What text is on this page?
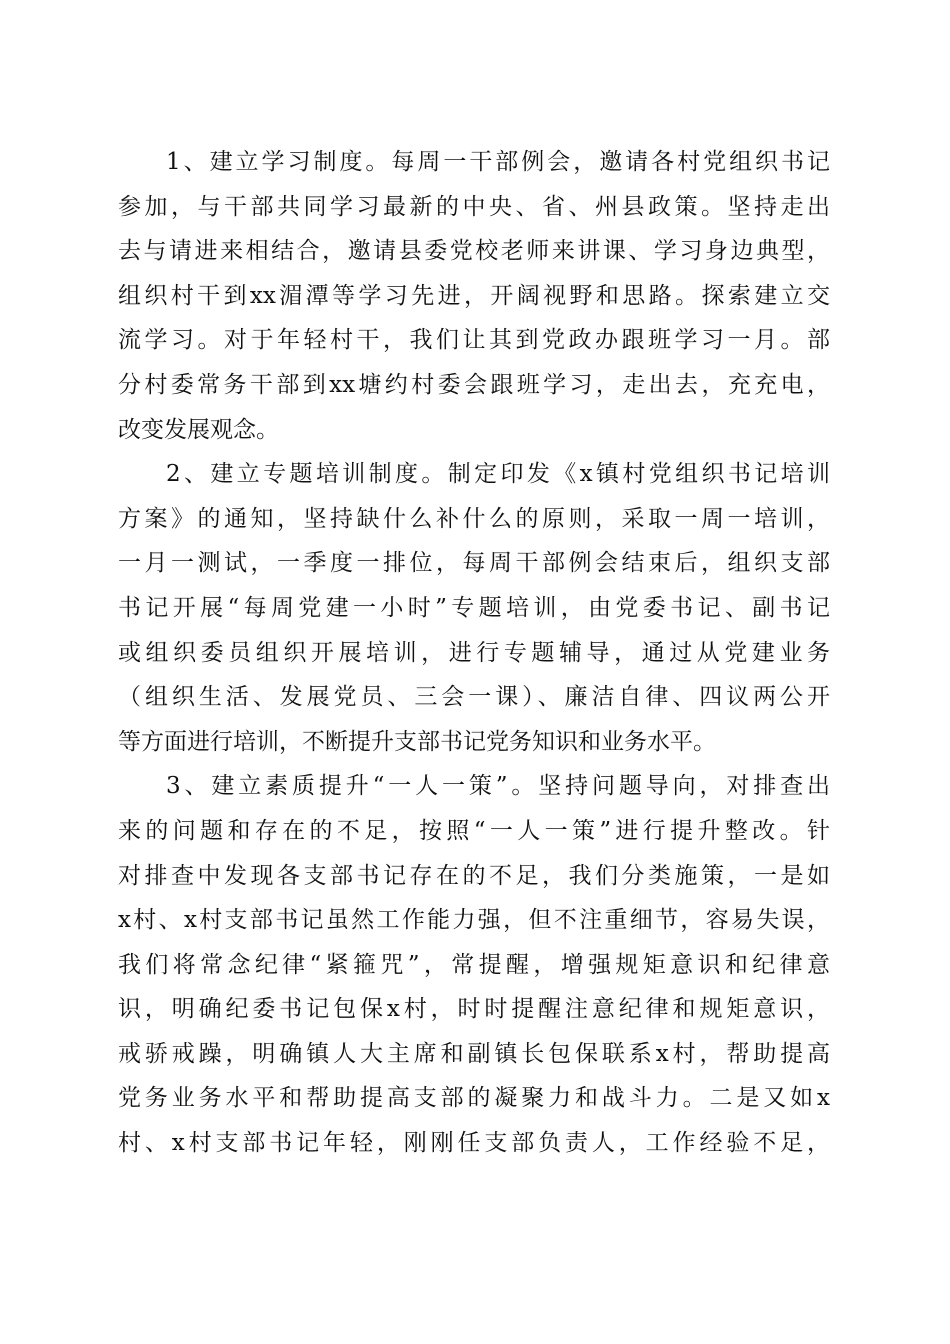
1、建立学习制度。每周一干部例会，邀请各村党组织书记
参加，与干部共同学习最新的中央、省、州县政策。坚持走出
去与请进来相结合，邀请县委党校老师来讲课、学习身边典型，
组织村干到xx湄潭等学习先进，开阔视野和思路。探索建立交
流学习。对于年轻村干，我们让其到党政办跟班学习一月。部
分村委常务干部到xx塘约村委会跟班学习，走出去，充充电，
改变发展观念。
2、建立专题培训制度。制定印发《x镇村党组织书记培训
方案》的通知，坚持缺什么补什么的原则，采取一周一培训，
一月一测试，一季度一排位，每周干部例会结束后，组织支部
书记开展“每周党建一小时”专题培训，由党委书记、副书记
或组织委员组织开展培训，进行专题辅导，通过从党建业务
（组织生活、发展党员、三会一课）、廉洁自律、四议两公开
等方面进行培训，不断提升支部书记党务知识和业务水平。
3、建立素质提升“一人一策”。坚持问题导向，对排查出
来的问题和存在的不足，按照“一人一策”进行提升整改。针
对排查中发现各支部书记存在的不足，我们分类施策，一是如
x村、x村支部书记虽然工作能力强，但不注重细节，容易失误，
我们将常念纪律“紧箍咒”，常提醒，增强规矩意识和纪律意
识，明确纪委书记包保x村，时时提醒注意纪律和规矩意识，
戒骄戒躁，明确镇人大主席和副镇长包保联系x村，帮助提高
党务业务水平和帮助提高支部的凝聚力和战斗力。二是又如x
村、x村支部书记年轻，刚刚任支部负责人，工作经验不足，
